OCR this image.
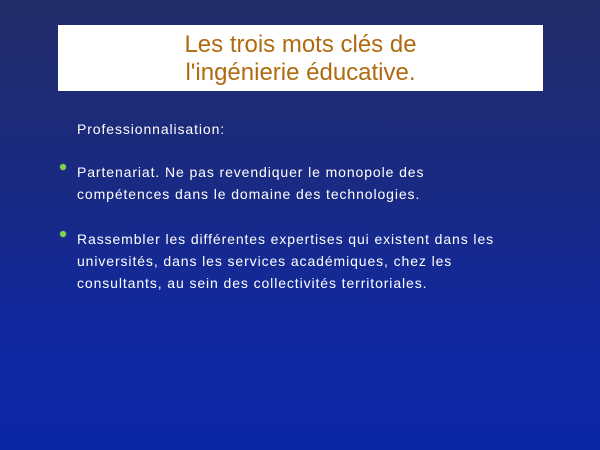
Les trois mots clés de
l'ingénierie éducative.
Professionnalisation:
Partenariat. Ne pas revendiquer le monopole des
compétences dans le domaine des technologies.
Rassembler les différentes expertises qui existent dans les
universités, dans les services académiques, chez les
consultants, au sein des collectivités territoriales.
